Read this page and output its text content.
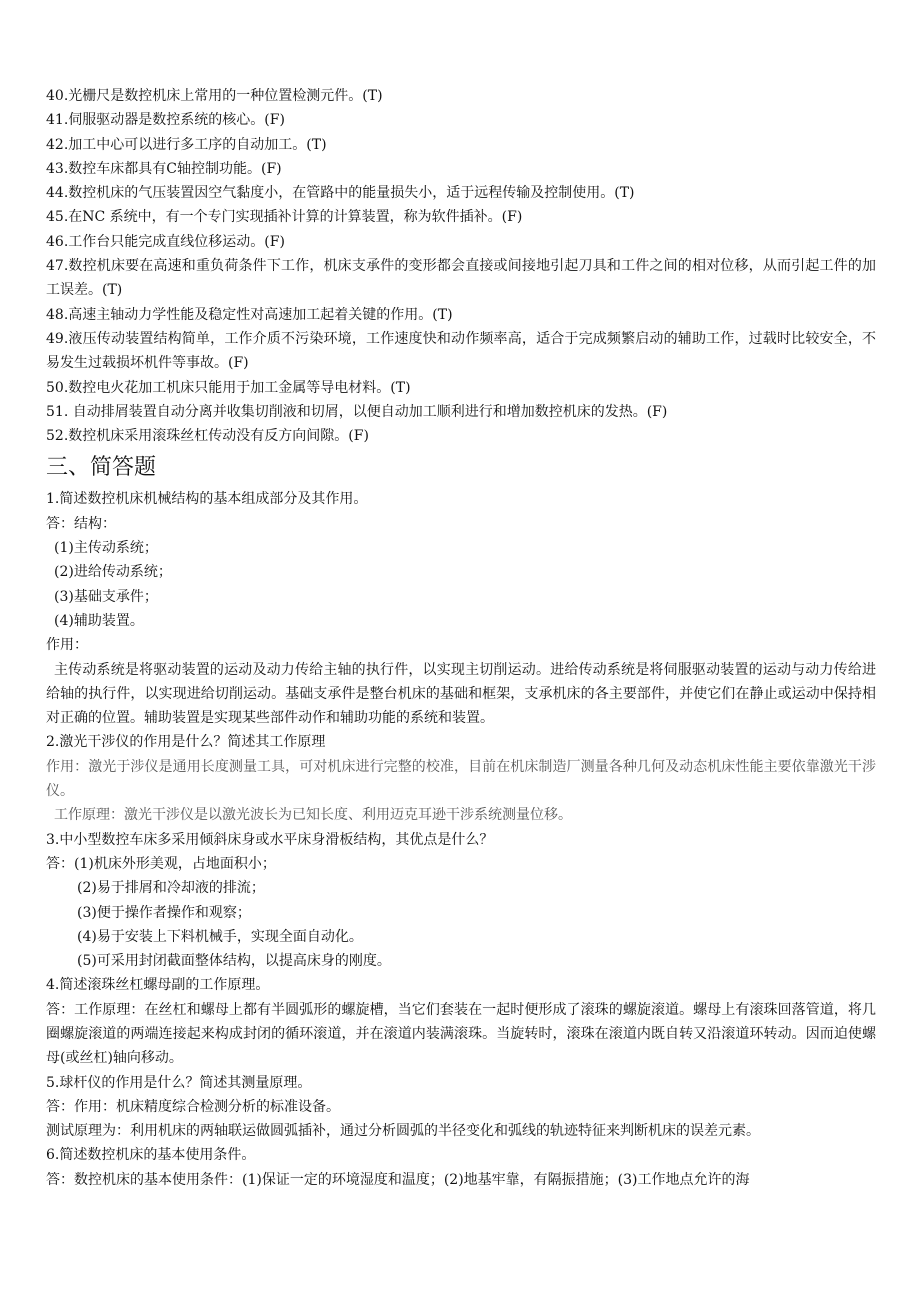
40.光栅尺是数控机床上常用的一种位置检测元件。(T)
41.伺服驱动器是数控系统的核心。(F)
42.加工中心可以进行多工序的自动加工。(T)
43.数控车床都具有C轴控制功能。(F)
44.数控机床的气压装置因空气黏度小，在管路中的能量损失小，适于远程传输及控制使用。(T)
45.在NC 系统中，有一个专门实现插补计算的计算装置，称为软件插补。(F)
46.工作台只能完成直线位移运动。(F)
47.数控机床要在高速和重负荷条件下工作，机床支承件的变形都会直接或间接地引起刀具和工件之间的相对位移，从而引起工件的加工误差。(T)
48.高速主轴动力学性能及稳定性对高速加工起着关键的作用。(T)
49.液压传动装置结构简单，工作介质不污染环境，工作速度快和动作频率高，适合于完成频繁启动的辅助工作，过载时比较安全，不易发生过载损坏机件等事故。(F)
50.数控电火花加工机床只能用于加工金属等导电材料。(T)
51. 自动排屑装置自动分离并收集切削液和切屑，以便自动加工顺利进行和增加数控机床的发热。(F)
52.数控机床采用滚珠丝杠传动没有反方向间隙。(F)
三、简答题
1.简述数控机床机械结构的基本组成部分及其作用。
答：结构：
(1)主传动系统；
(2)进给传动系统；
(3)基础支承件；
(4)辅助装置。
作用：
主传动系统是将驱动装置的运动及动力传给主轴的执行件，以实现主切削运动。进给传动系统是将伺服驱动装置的运动与动力传给进给轴的执行件，以实现进给切削运动。基础支承件是整台机床的基础和框架，支承机床的各主要部件，并使它们在静止或运动中保持相对正确的位置。辅助装置是实现某些部件动作和辅助功能的系统和装置。
2.激光干涉仪的作用是什么？简述其工作原理
作用：激光于涉仪是通用长度测量工具，可对机床进行完整的校准，目前在机床制造厂测量各种几何及动态机床性能主要依靠激光干涉仪。
工作原理：激光干涉仪是以激光波长为已知长度、利用迈克耳逊干涉系统测量位移。
3.中小型数控车床多采用倾斜床身或水平床身滑板结构，其优点是什么？
答：(1)机床外形美观，占地面积小；
(2)易于排屑和冷却液的排流；
(3)便于操作者操作和观察；
(4)易于安装上下料机械手，实现全面自动化。
(5)可采用封闭截面整体结构，以提高床身的刚度。
4.简述滚珠丝杠螺母副的工作原理。
答：工作原理：在丝杠和螺母上都有半圆弧形的螺旋槽，当它们套装在一起时便形成了滚珠的螺旋滚道。螺母上有滚珠回落管道，将几圈螺旋滚道的两端连接起来构成封闭的循环滚道，并在滚道内装满滚珠。当旋转时，滚珠在滚道内既自转又沿滚道环转动。因而迫使螺母(或丝杠)轴向移动。
5.球杆仪的作用是什么？简述其测量原理。
答：作用：机床精度综合检测分析的标准设备。
测试原理为：利用机床的两轴联运做圆弧插补，通过分析圆弧的半径变化和弧线的轨迹特征来判断机床的误差元素。
6.简述数控机床的基本使用条件。
答：数控机床的基本使用条件：(1)保证一定的环境湿度和温度；(2)地基牢靠，有隔振措施；(3)工作地点允许的海
